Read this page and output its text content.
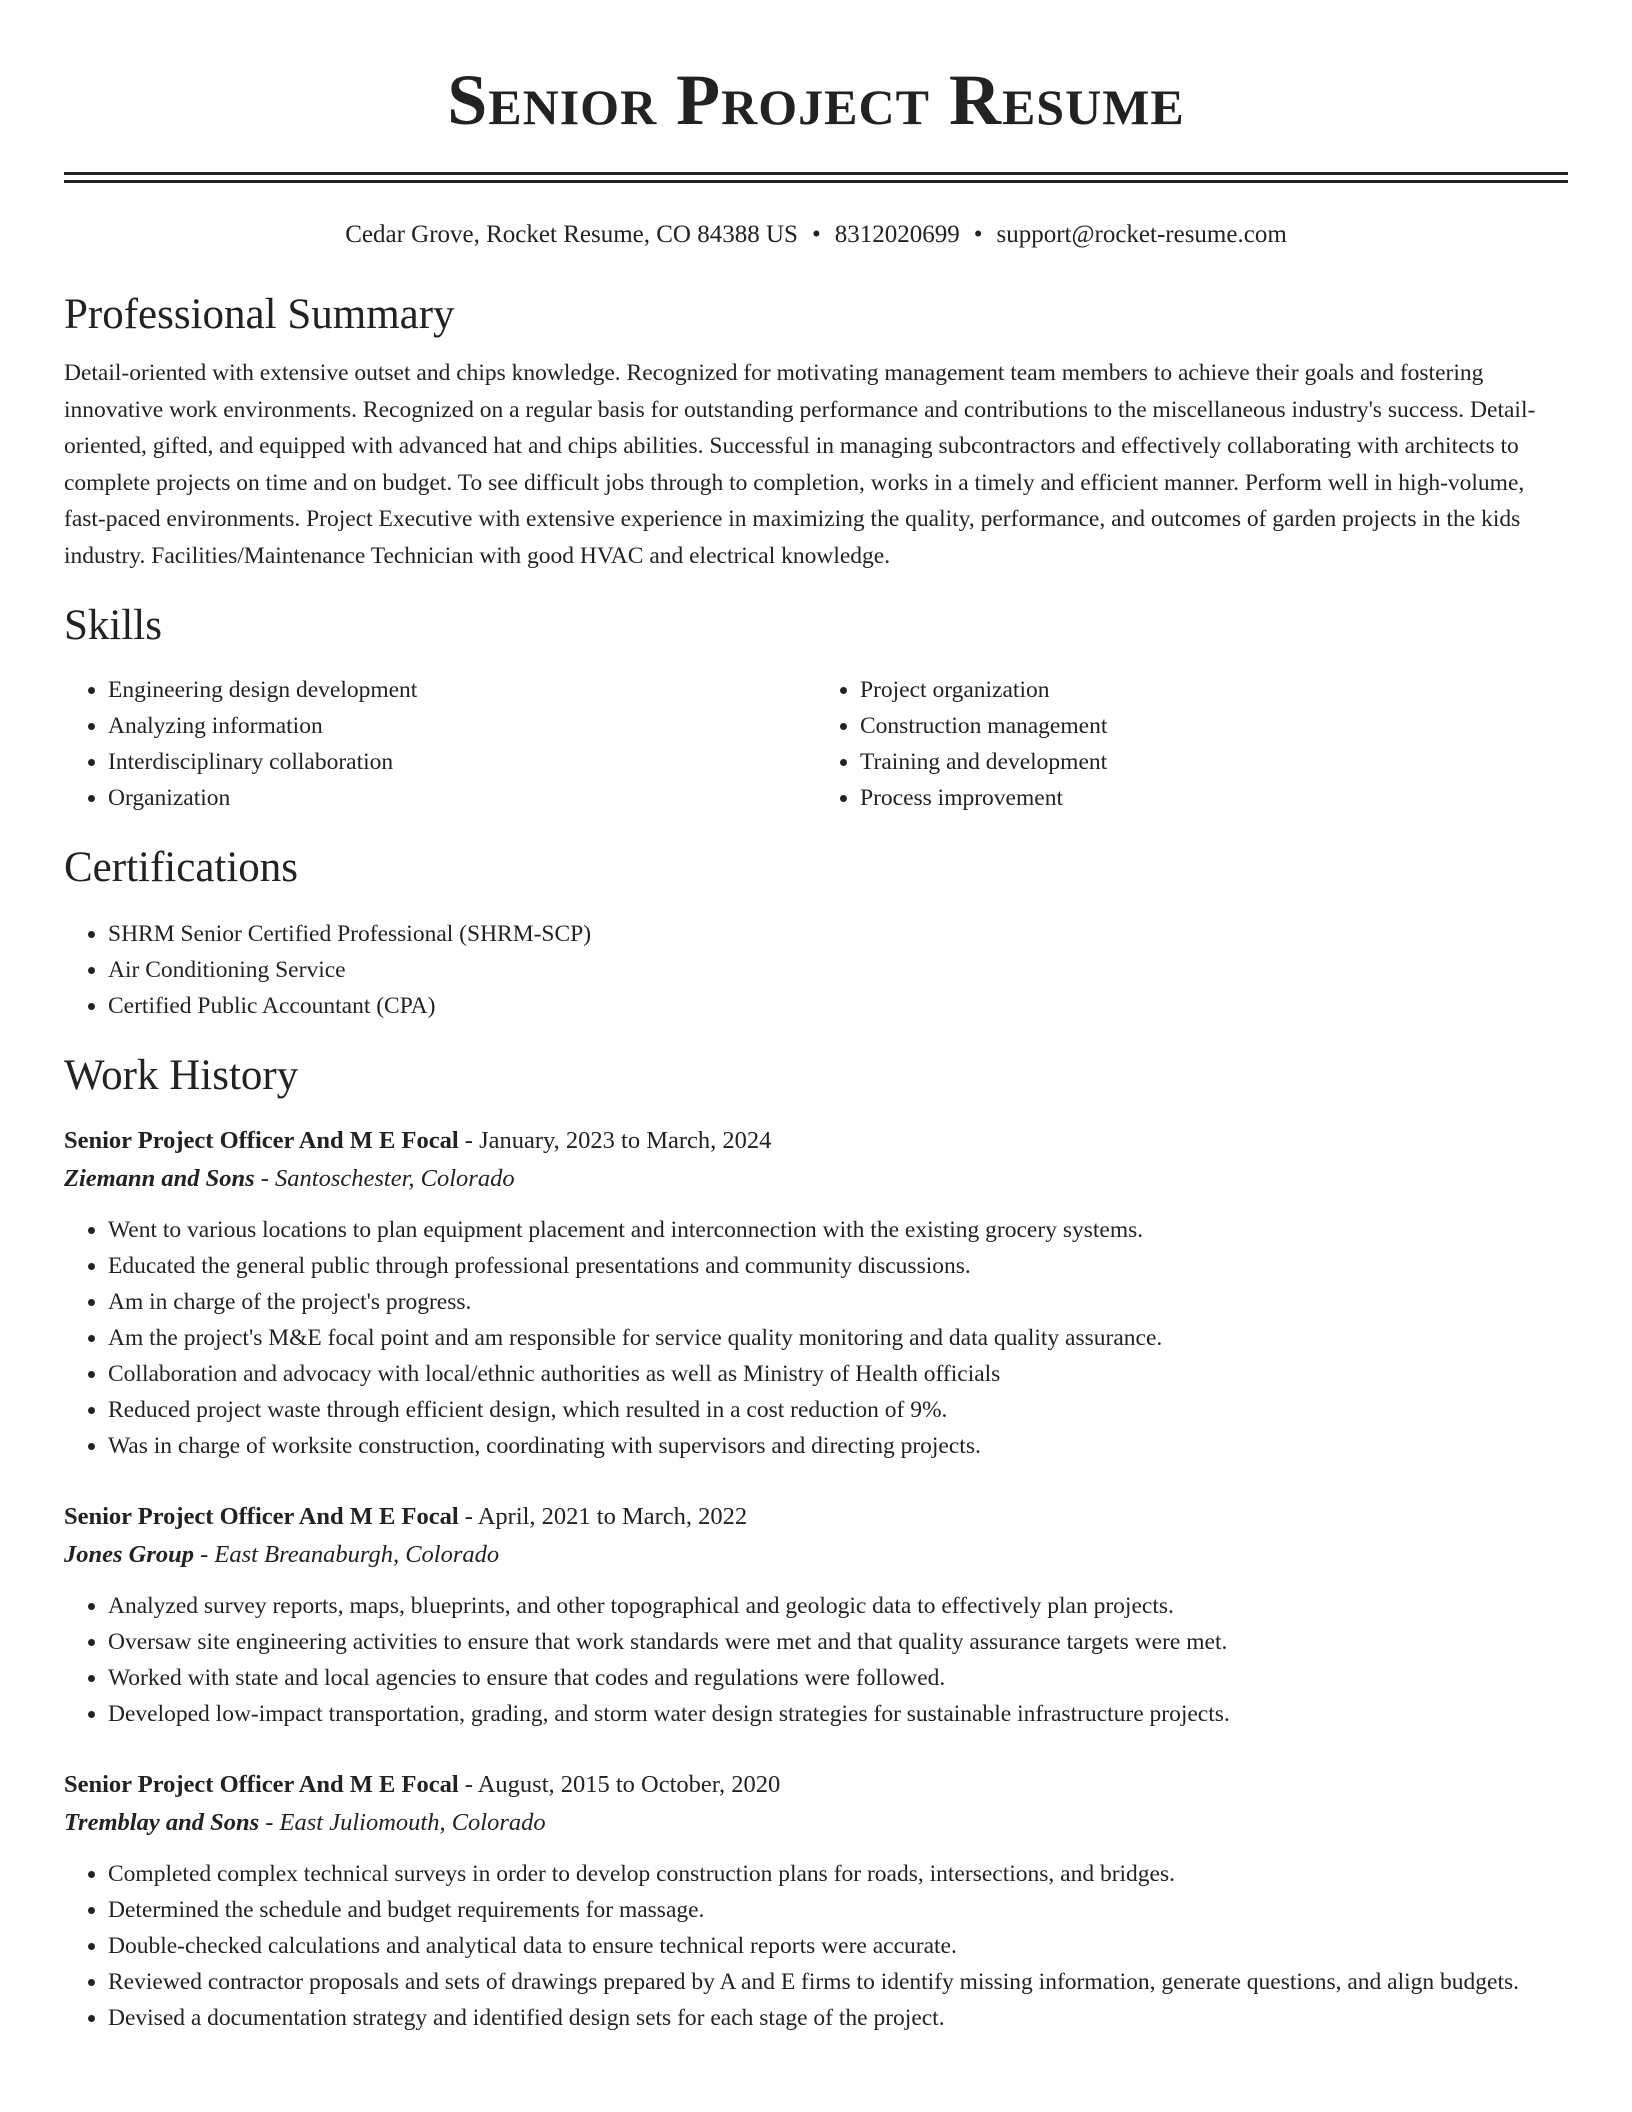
Senior Project Resume
Cedar Grove, Rocket Resume, CO 84388 US • 8312020699 • support@rocket-resume.com
Professional Summary

Detail-oriented with extensive outset and chips knowledge. Recognized for motivating management team members to achieve their goals and fostering innovative work environments. Recognized on a regular basis for outstanding performance and contributions to the miscellaneous industry's success. Detail-oriented, gifted, and equipped with advanced hat and chips abilities. Successful in managing subcontractors and effectively collaborating with architects to complete projects on time and on budget. To see difficult jobs through to completion, works in a timely and efficient manner. Perform well in high-volume, fast-paced environments. Project Executive with extensive experience in maximizing the quality, performance, and outcomes of garden projects in the kids industry. Facilities/Maintenance Technician with good HVAC and electrical knowledge.

Skills
• Engineering design development
• Analyzing information
• Interdisciplinary collaboration
• Organization
• Project organization
• Construction management
• Training and development
• Process improvement
Certifications
• SHRM Senior Certified Professional (SHRM-SCP)
• Air Conditioning Service
• Certified Public Accountant (CPA)
Work History
Senior Project Officer And M E Focal - January, 2023 to March, 2024
Ziemann and Sons - Santoschester, Colorado
• Went to various locations to plan equipment placement and interconnection with the existing grocery systems.
• Educated the general public through professional presentations and community discussions.
• Am in charge of the project's progress.
• Am the project's M&E focal point and am responsible for service quality monitoring and data quality assurance.
• Collaboration and advocacy with local/ethnic authorities as well as Ministry of Health officials
• Reduced project waste through efficient design, which resulted in a cost reduction of 9%.
• Was in charge of worksite construction, coordinating with supervisors and directing projects.
Senior Project Officer And M E Focal - April, 2021 to March, 2022
Jones Group - East Breanaburgh, Colorado
• Analyzed survey reports, maps, blueprints, and other topographical and geologic data to effectively plan projects.
• Oversaw site engineering activities to ensure that work standards were met and that quality assurance targets were met.
• Worked with state and local agencies to ensure that codes and regulations were followed.
• Developed low-impact transportation, grading, and storm water design strategies for sustainable infrastructure projects.
Senior Project Officer And M E Focal - August, 2015 to October, 2020
Tremblay and Sons - East Juliomouth, Colorado
• Completed complex technical surveys in order to develop construction plans for roads, intersections, and bridges.
• Determined the schedule and budget requirements for massage.
• Double-checked calculations and analytical data to ensure technical reports were accurate.
• Reviewed contractor proposals and sets of drawings prepared by A and E firms to identify missing information, generate questions, and align budgets.
• Devised a documentation strategy and identified design sets for each stage of the project.
